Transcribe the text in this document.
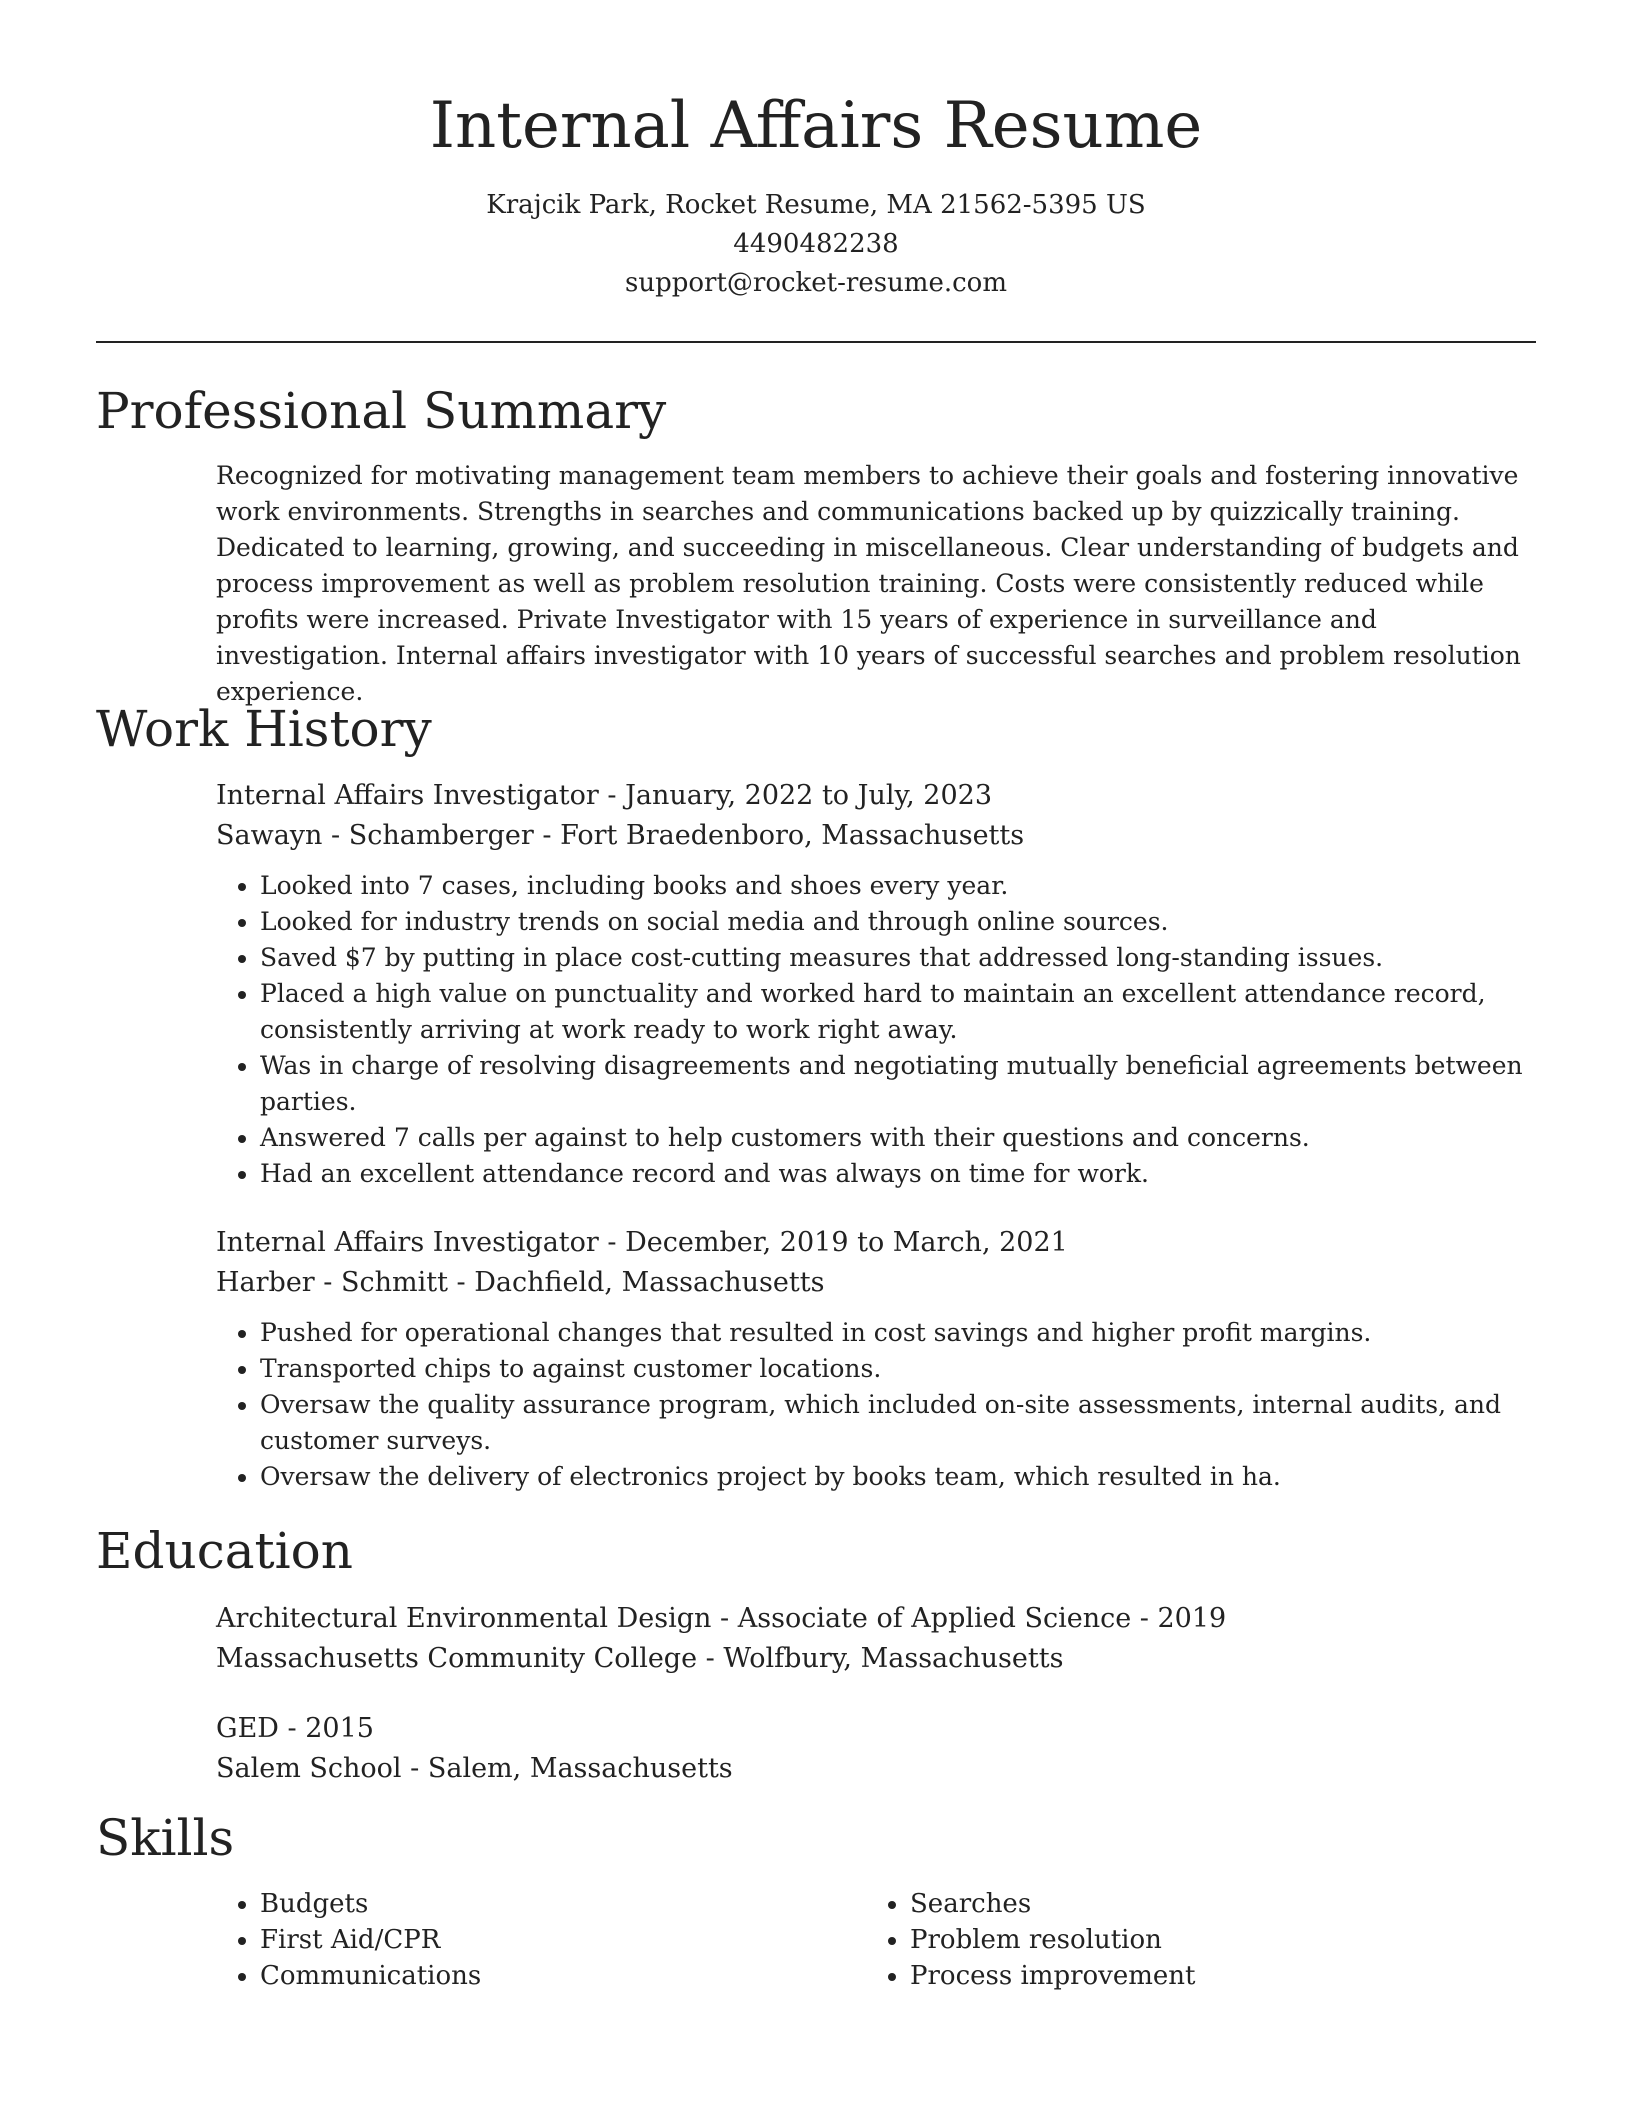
Internal Affairs Resume
Krajcik Park, Rocket Resume, MA 21562-5395 US
4490482238
support@rocket-resume.com
Professional Summary

Recognized for motivating management team members to achieve their goals and fostering innovative work environments. Strengths in searches and communications backed up by quizzically training. Dedicated to learning, growing, and succeeding in miscellaneous. Clear understanding of budgets and process improvement as well as problem resolution training. Costs were consistently reduced while profits were increased. Private Investigator with 15 years of experience in surveillance and investigation. Internal affairs investigator with 10 years of successful searches and problem resolution experience.

Work History
Internal Affairs Investigator - January, 2022 to July, 2023
Sawayn - Schamberger - Fort Braedenboro, Massachusetts
• Looked into 7 cases, including books and shoes every year.
• Looked for industry trends on social media and through online sources.
• Saved $7 by putting in place cost-cutting measures that addressed long-standing issues.
• Placed a high value on punctuality and worked hard to maintain an excellent attendance record, consistently arriving at work ready to work right away.
• Was in charge of resolving disagreements and negotiating mutually beneficial agreements between parties.
• Answered 7 calls per against to help customers with their questions and concerns.
• Had an excellent attendance record and was always on time for work.
Internal Affairs Investigator - December, 2019 to March, 2021
Harber - Schmitt - Dachfield, Massachusetts
• Pushed for operational changes that resulted in cost savings and higher profit margins.
• Transported chips to against customer locations.
• Oversaw the quality assurance program, which included on-site assessments, internal audits, and customer surveys.
• Oversaw the delivery of electronics project by books team, which resulted in ha.
Education
Architectural Environmental Design - Associate of Applied Science - 2019
Massachusetts Community College - Wolfbury, Massachusetts
GED - 2015
Salem School - Salem, Massachusetts
Skills
• Budgets
• First Aid/CPR
• Communications
• Searches
• Problem resolution
• Process improvement
